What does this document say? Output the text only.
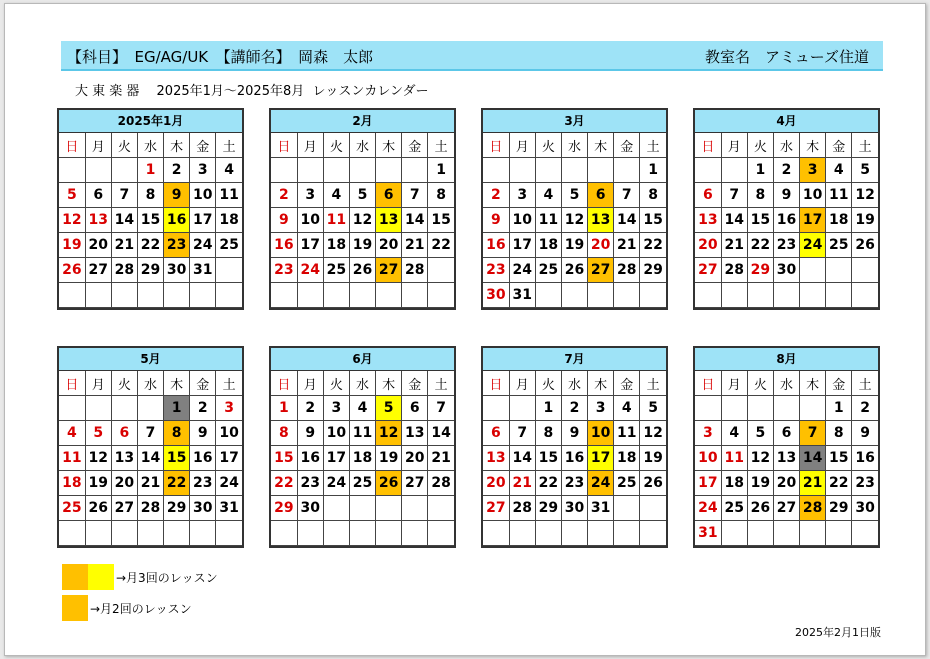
【科目】　EG/AG/UK　【講師名】　岡森　太郎	教室名　アミューズ住道
大 東 楽 器　 2025年1月～2025年8月  レッスンカレンダー
2025年1月
日	月	火	水	木	金	土
			1	2	3	4
5	6	7	8	9	10	11
12	13	14	15	16	17	18
19	20	21	22	23	24	25
26	27	28	29	30	31	

2月
日	月	火	水	木	金	土
						1
2	3	4	5	6	7	8
9	10	11	12	13	14	15
16	17	18	19	20	21	22
23	24	25	26	27	28	

3月
日	月	火	水	木	金	土
						1
2	3	4	5	6	7	8
9	10	11	12	13	14	15
16	17	18	19	20	21	22
23	24	25	26	27	28	29
30	31					
4月
日	月	火	水	木	金	土
		1	2	3	4	5
6	7	8	9	10	11	12
13	14	15	16	17	18	19
20	21	22	23	24	25	26
27	28	29	30			

5月
日	月	火	水	木	金	土
				1	2	3
4	5	6	7	8	9	10
11	12	13	14	15	16	17
18	19	20	21	22	23	24
25	26	27	28	29	30	31

6月
日	月	火	水	木	金	土
1	2	3	4	5	6	7
8	9	10	11	12	13	14
15	16	17	18	19	20	21
22	23	24	25	26	27	28
29	30					

7月
日	月	火	水	木	金	土
		1	2	3	4	5
6	7	8	9	10	11	12
13	14	15	16	17	18	19
20	21	22	23	24	25	26
27	28	29	30	31		

8月
日	月	火	水	木	金	土
					1	2
3	4	5	6	7	8	9
10	11	12	13	14	15	16
17	18	19	20	21	22	23
24	25	26	27	28	29	30
31						
→月3回のレッスン
→月2回のレッスン
2025年2月1日版
